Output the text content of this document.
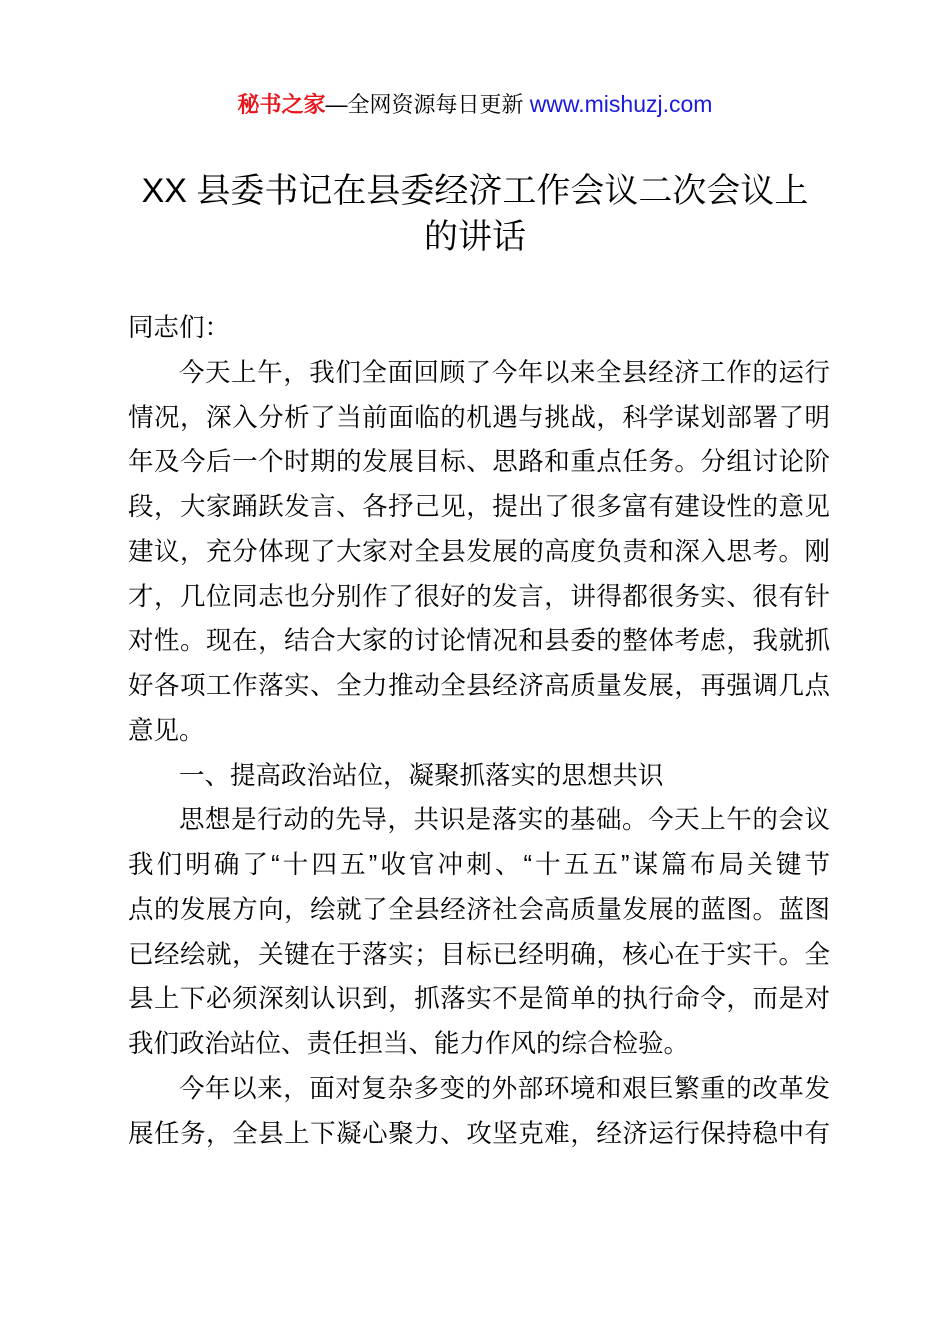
秘书之家—全网资源每日更新 www.mishuzj.com
XX 县委书记在县委经济工作会议二次会议上
的讲话
同志们：
今天上午，我们全面回顾了今年以来全县经济工作的运行
情况，深入分析了当前面临的机遇与挑战，科学谋划部署了明
年及今后一个时期的发展目标、思路和重点任务。分组讨论阶
段，大家踊跃发言、各抒己见，提出了很多富有建设性的意见
建议，充分体现了大家对全县发展的高度负责和深入思考。刚
才，几位同志也分别作了很好的发言，讲得都很务实、很有针
对性。现在，结合大家的讨论情况和县委的整体考虑，我就抓
好各项工作落实、全力推动全县经济高质量发展，再强调几点
意见。
一、提高政治站位，凝聚抓落实的思想共识
思想是行动的先导，共识是落实的基础。今天上午的会议
我们明确了“十四五”收官冲刺、“十五五”谋篇布局关键节
点的发展方向，绘就了全县经济社会高质量发展的蓝图。蓝图
已经绘就，关键在于落实；目标已经明确，核心在于实干。全
县上下必须深刻认识到，抓落实不是简单的执行命令，而是对
我们政治站位、责任担当、能力作风的综合检验。
今年以来，面对复杂多变的外部环境和艰巨繁重的改革发
展任务，全县上下凝心聚力、攻坚克难，经济运行保持稳中有
